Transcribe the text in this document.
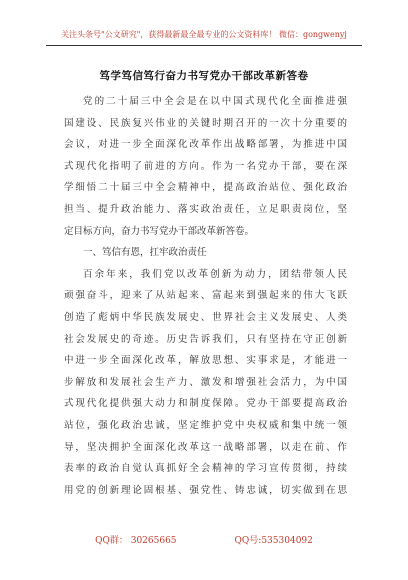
关注头条号"公文研究"，获得最新最全最专业的公文资料库！ 微信：gongwenyj
笃学笃信笃行奋力书写党办干部改革新答卷

党的二十届三中全会是在以中国式现代化全面推进强

国建设、民族复兴伟业的关键时期召开的一次十分重要的

会议，对进一步全面深化改革作出战略部署，为推进中国

式现代化指明了前进的方向。作为一名党办干部，要在深

学细悟二十届三中全会精神中，提高政治站位、强化政治

担当、提升政治能力、落实政治责任，立足职责岗位，坚

定目标方向，奋力书写党办干部改革新答卷。

一、笃信有恩，扛牢政治责任

百余年来，我们党以改革创新为动力，团结带领人民

顽强奋斗，迎来了从站起来、富起来到强起来的伟大飞跃

创造了彪炳中华民族发展史、世界社会主义发展史、人类

社会发展史的奇迹。历史告诉我们，只有坚持在守正创新

中进一步全面深化改革，解放思想、实事求是，才能进一

步解放和发展社会生产力、激发和增强社会活力，为中国

式现代化提供强大动力和制度保障。党办干部要提高政治

站位，强化政治忠诚，坚定维护党中央权威和集中统一领

导，坚决拥护全面深化改革这一战略部署，以走在前、作

表率的政治自觉认真抓好全会精神的学习宣传贯彻，持续

用党的创新理论固根基、强党性、铸忠诚，切实做到在思

QQ群： 30265665	QQ号:535304092
